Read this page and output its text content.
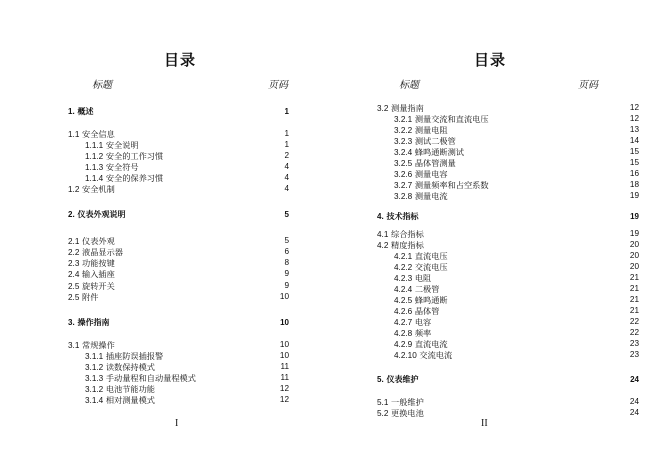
目录
标题	页码
1. 概述	1
1.1 安全信息	1
1.1.1 安全说明	1
1.1.2 安全的工作习惯	2
1.1.3 安全符号	4
1.1.4 安全的保养习惯	4
1.2 安全机制	4
2. 仪表外观说明	5
2.1 仪表外观	5
2.2 液晶显示器	6
2.3 功能按键	8
2.4 输入插座	9
2.5 旋转开关	9
2.5 附件	10
3. 操作指南	10
3.1 常规操作	10
3.1.1 插座防误插报警	10
3.1.2 读数保持模式	11
3.1.3 手动量程和自动量程模式	11
3.1.2 电池节能功能	12
3.1.4 相对测量模式	12
I
目录
标题	页码
3.2 测量指南	12
3.2.1 测量交流和直流电压	12
3.2.2 测量电阻	13
3.2.3 测试二极管	14
3.2.4 蜂鸣通断测试	15
3.2.5 晶体管测量	15
3.2.6 测量电容	16
3.2.7 测量频率和占空系数	18
3.2.8 测量电流	19
4. 技术指标	19
4.1 综合指标	19
4.2 精度指标	20
4.2.1 直流电压	20
4.2.2 交流电压	20
4.2.3 电阻	21
4.2.4 二极管	21
4.2.5 蜂鸣通断	21
4.2.6 晶体管	21
4.2.7 电容	22
4.2.8 频率	22
4.2.9 直流电流	23
4.2.10 交流电流	23
5. 仪表维护	24
5.1 一般维护	24
5.2 更换电池	24
II
